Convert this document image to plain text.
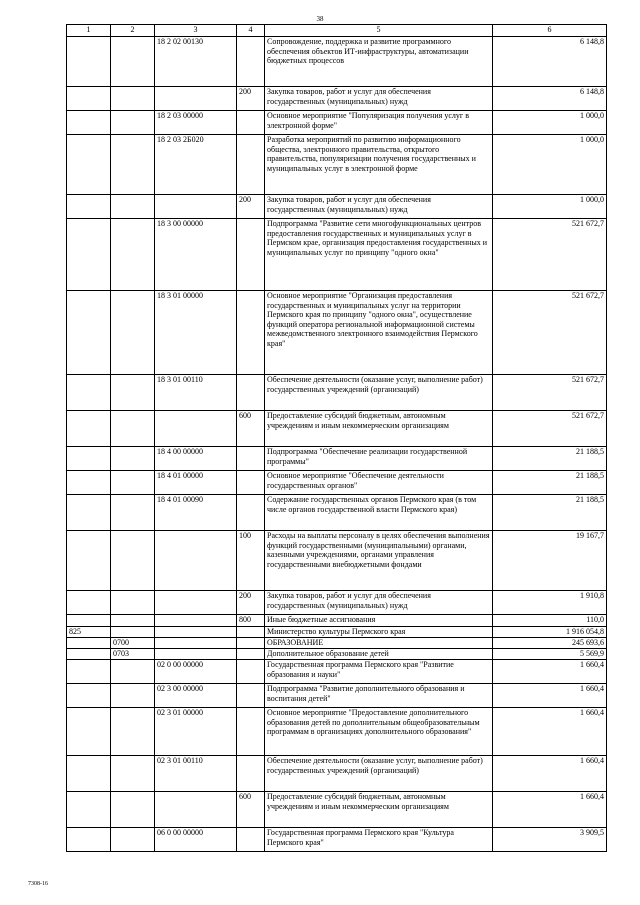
38
1	2	3	4	5	6
		18 2 02 00130		Сопровождение, поддержка и развитие программного обеспечения объектов ИТ-инфраструктуры, автоматизации бюджетных процессов	6 148,8
			200	Закупка товаров, работ и услуг для обеспечения государственных (муниципальных) нужд	6 148,8
		18 2 03 00000		Основное мероприятие "Популяризация получения услуг в электронной форме"	1 000,0
		18 2 03 2Б020		Разработка мероприятий по развитию информационного общества, электронного правительства, открытого правительства, популяризации получения государственных и муниципальных услуг в электронной форме	1 000,0
			200	Закупка товаров, работ и услуг для обеспечения государственных (муниципальных) нужд	1 000,0
		18 3 00 00000		Подпрограмма "Развитие сети многофункциональных центров предоставления государственных и муниципальных услуг в Пермском крае, организация предоставления государственных и муниципальных услуг по принципу "одного окна"	521 672,7
		18 3 01 00000		Основное мероприятие "Организация предоставления государственных и муниципальных услуг на территории Пермского края по принципу "одного окна", осуществление функций оператора региональной информационной системы межведомственного электронного взаимодействия Пермского края"	521 672,7
		18 3 01 00110		Обеспечение деятельности (оказание услуг, выполнение работ) государственных учреждений (организаций)	521 672,7
			600	Предоставление субсидий бюджетным, автономным учреждениям и иным некоммерческим организациям	521 672,7
		18 4 00 00000		Подпрограмма "Обеспечение реализации государственной программы"	21 188,5
		18 4 01 00000		Основное мероприятие "Обеспечение деятельности государственных органов"	21 188,5
		18 4 01 00090		Содержание государственных органов Пермского края (в том числе органов государственной власти Пермского края)	21 188,5
			100	Расходы на выплаты персоналу в целях обеспечения выполнения функций государственными (муниципальными) органами, казенными учреждениями, органами управления государственными внебюджетными фондами	19 167,7
			200	Закупка товаров, работ и услуг для обеспечения государственных (муниципальных) нужд	1 910,8
			800	Иные бюджетные ассигнования	110,0
825				Министерство культуры Пермского края	1 916 054,8
	0700			ОБРАЗОВАНИЕ	245 693,6
	0703			Дополнительное образование детей	5 569,9
		02 0 00 00000		Государственная программа Пермского края "Развитие образования и науки"	1 660,4
		02 3 00 00000		Подпрограмма "Развитие дополнительного образования и воспитания детей"	1 660,4
		02 3 01 00000		Основное мероприятие "Предоставление дополнительного образования детей по дополнительным общеобразовательным программам в организациях дополнительного образования"	1 660,4
		02 3 01 00110		Обеспечение деятельности (оказание услуг, выполнение работ) государственных учреждений (организаций)	1 660,4
			600	Предоставление субсидий бюджетным, автономным учреждениям и иным некоммерческим организациям	1 660,4
		06 0 00 00000		Государственная программа Пермского края "Культура Пермского края"	3 909,5
7308-16
